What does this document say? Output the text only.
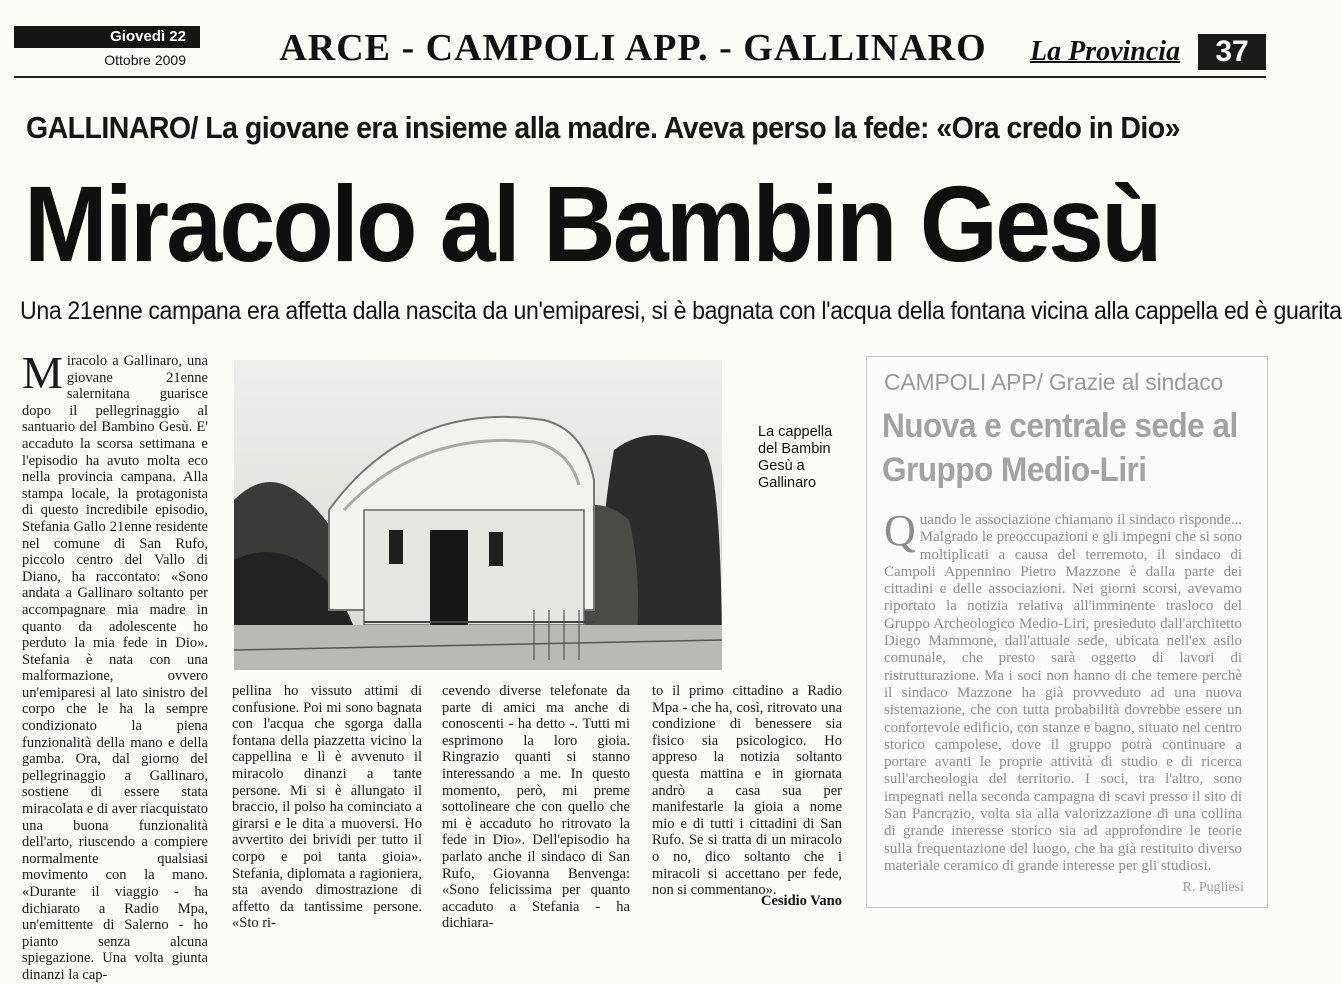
Giovedì 22
Ottobre 2009	ARCE - CAMPOLI APP. - GALLINARO	La Provincia	37
GALLINARO/ La giovane era insieme alla madre. Aveva perso la fede: «Ora credo in Dio»
Miracolo al Bambin Gesù
Una 21enne campana era affetta dalla nascita da un'emiparesi, si è bagnata con l'acqua della fontana vicina alla cappella ed è guarita
Miracolo a Gallinaro, una giovane 21enne salernitana guarisce dopo il pellegrinaggio al santuario del Bambino Gesù. E' accaduto la scorsa settimana e l'episodio ha avuto molta eco nella provincia campana. Alla stampa locale, la protagonista di questo incredibile episodio, Stefania Gallo 21enne residente nel comune di San Rufo, piccolo centro del Vallo di Diano, ha raccontato: «Sono andata a Gallinaro soltanto per accompagnare mia madre in quanto da adolescente ho perduto la mia fede in Dio». Stefania è nata con una malformazione, ovvero un'emiparesi al lato sinistro del corpo che le ha la sempre condizionato la piena funzionalità della mano e della gamba. Ora, dal giorno del pellegrinaggio a Gallinaro, sostiene di essere stata miracolata e di aver riacquistato una buona funzionalità dell'arto, riuscendo a compiere normalmente qualsiasi movimento con la mano. «Durante il viaggio - ha dichiarato a Radio Mpa, un'emittente di Salerno - ho pianto senza alcuna spiegazione. Una volta giunta dinanzi la cap-
La cappella del Bambin Gesù a Gallinaro
pellina ho vissuto attimi di confusione. Poi mi sono bagnata con l'acqua che sgorga dalla fontana della piazzetta vicino la cappellina e lì è avvenuto il miracolo dinanzi a tante persone. Mi si è allungato il braccio, il polso ha cominciato a girarsi e le dita a muoversi. Ho avvertito dei brividi per tutto il corpo e poi tanta gioia». Stefania, diplomata a ragioniera, sta avendo dimostrazione di affetto da tantissime persone. «Sto ri-
cevendo diverse telefonate da parte di amici ma anche di conoscenti - ha detto -. Tutti mi esprimono la loro gioia. Ringrazio quanti si stanno interessando a me. In questo momento, però, mi preme sottolineare che con quello che mi è accaduto ho ritrovato la fede in Dio». Dell'episodio ha parlato anche il sindaco di San Rufo, Giovanna Benvenga: «Sono felicissima per quanto accaduto a Stefania - ha dichiara-
to il primo cittadino a Radio Mpa - che ha, così, ritrovato una condizione di benessere sia fisico sia psicologico. Ho appreso la notizia soltanto questa mattina e in giornata andrò a casa sua per manifestarle la gioia a nome mio e di tutti i cittadini di San Rufo. Se si tratta di un miracolo o no, dico soltanto che i miracoli si accettano per fede, non si commentano».
Cesidio Vano
CAMPOLI APP/ Grazie al sindaco
Nuova e centrale sede al Gruppo Medio-Liri
Quando le associazione chiamano il sindaco risponde... Malgrado le preoccupazioni e gli impegni che si sono moltiplicati a causa del terremoto, il sindaco di Campoli Appennino Pietro Mazzone è dalla parte dei cittadini e delle associazioni. Nei giorni scorsi, avevamo riportato la notizia relativa all'imminente trasloco del Gruppo Archeologico Medio-Liri, presieduto dall'architetto Diego Mammone, dall'attuale sede, ubicata nell'ex asilo comunale, che presto sarà oggetto di lavori di ristrutturazione. Ma i soci non hanno di che temere perchè il sindaco Mazzone ha già provveduto ad una nuova sistemazione, che con tutta probabilità dovrebbe essere un confortevole edificio, con stanze e bagno, situato nel centro storico campolese, dove il gruppo potrà continuare a portare avanti le proprie attività di studio e di ricerca sull'archeologia del territorio. I soci, tra l'altro, sono impegnati nella seconda campagna di scavi presso il sito di San Pancrazio, volta sia alla valorizzazione di una collina di grande interesse storico sia ad approfondire le teorie sulla frequentazione del luogo, che ha già restituito diverso materiale ceramico di grande interesse per gli studiosi.
R. Pugliesi
